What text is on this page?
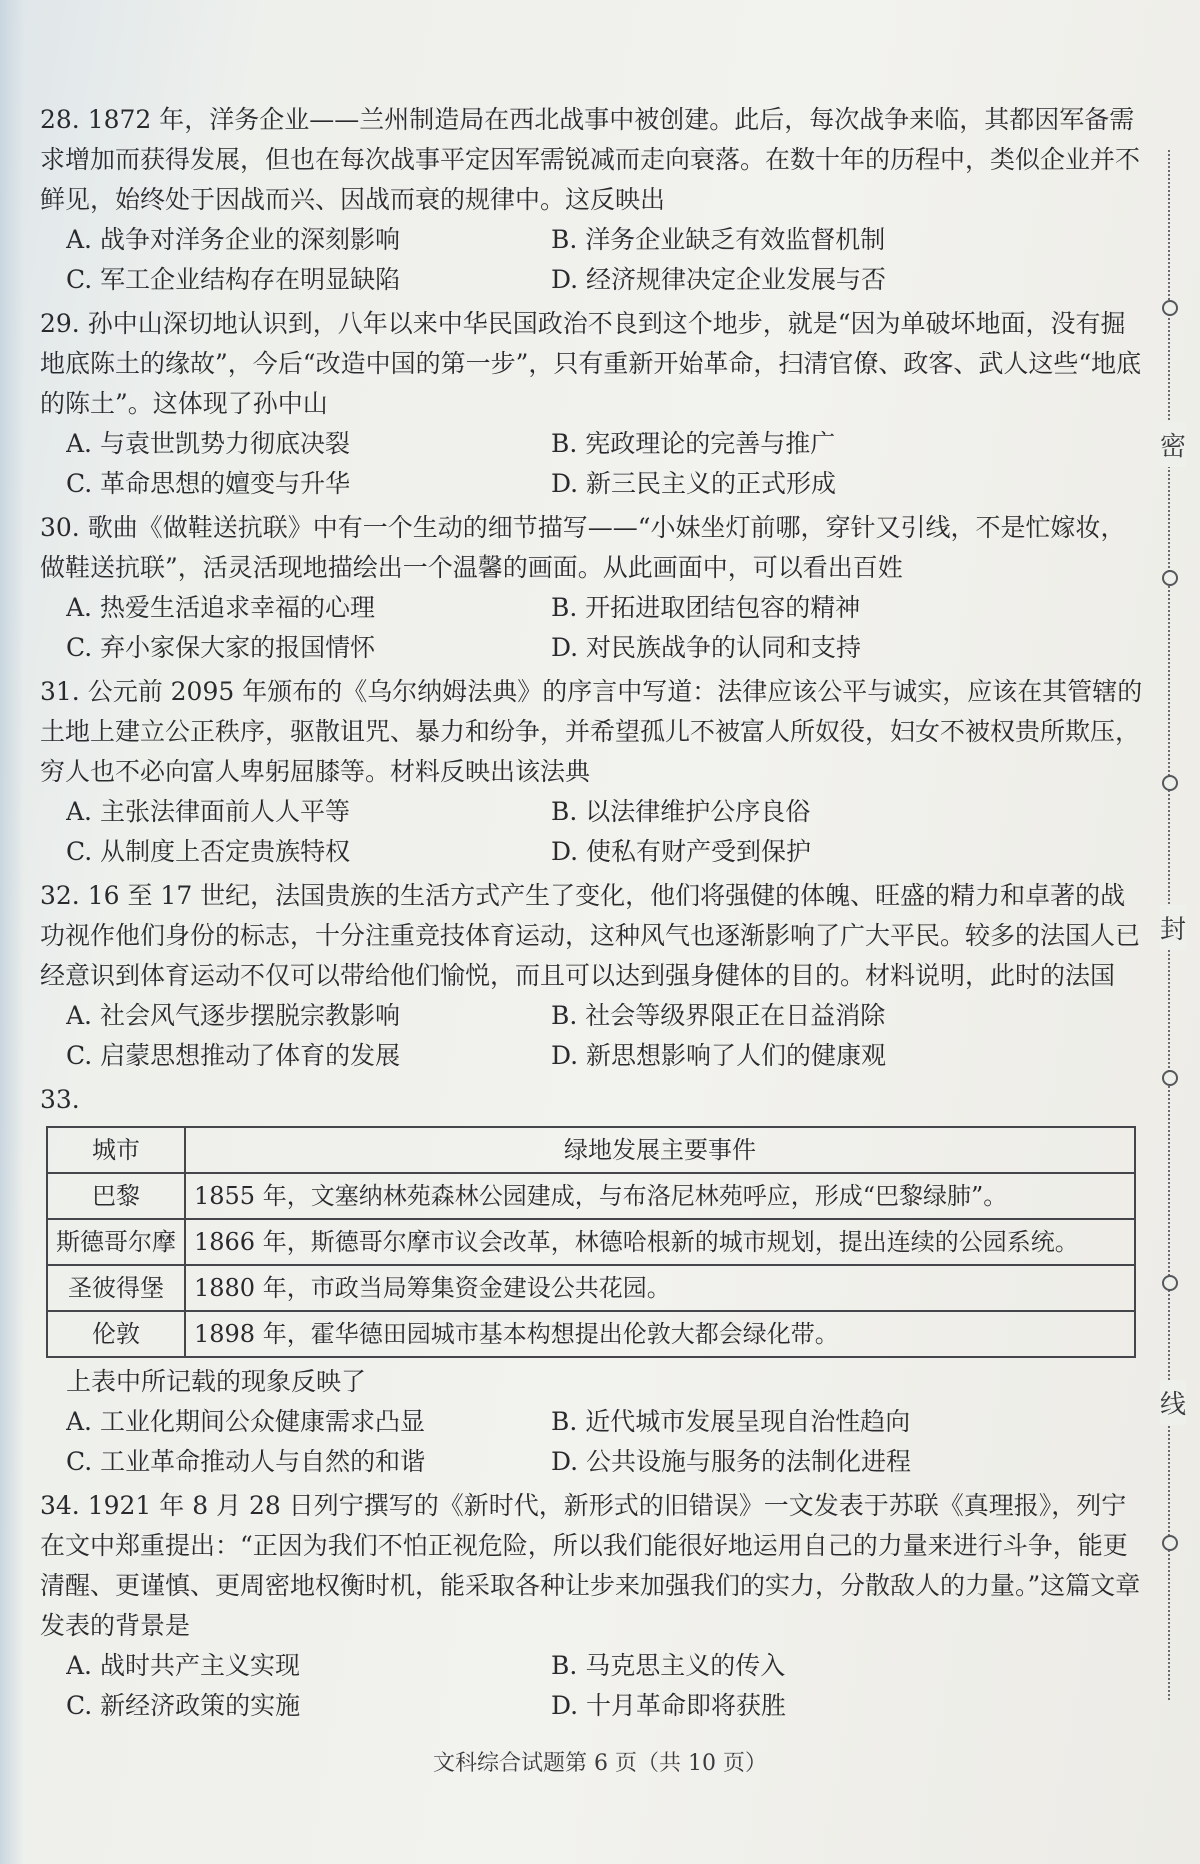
28. 1872 年，洋务企业——兰州制造局在西北战事中被创建。此后，每次战争来临，其都因军备需求增加而获得发展，但也在每次战事平定因军需锐减而走向衰落。在数十年的历程中，类似企业并不鲜见，始终处于因战而兴、因战而衰的规律中。这反映出
A. 战争对洋务企业的深刻影响	B. 洋务企业缺乏有效监督机制
C. 军工企业结构存在明显缺陷	D. 经济规律决定企业发展与否
29. 孙中山深切地认识到，八年以来中华民国政治不良到这个地步，就是“因为单破坏地面，没有掘地底陈土的缘故”，今后“改造中国的第一步”，只有重新开始革命，扫清官僚、政客、武人这些“地底的陈土”。这体现了孙中山
A. 与袁世凯势力彻底决裂	B. 宪政理论的完善与推广
C. 革命思想的嬗变与升华	D. 新三民主义的正式形成
30. 歌曲《做鞋送抗联》中有一个生动的细节描写——“小妹坐灯前哪，穿针又引线，不是忙嫁妆，做鞋送抗联”，活灵活现地描绘出一个温馨的画面。从此画面中，可以看出百姓
A. 热爱生活追求幸福的心理	B. 开拓进取团结包容的精神
C. 弃小家保大家的报国情怀	D. 对民族战争的认同和支持
31. 公元前 2095 年颁布的《乌尔纳姆法典》的序言中写道：法律应该公平与诚实，应该在其管辖的土地上建立公正秩序，驱散诅咒、暴力和纷争，并希望孤儿不被富人所奴役，妇女不被权贵所欺压，穷人也不必向富人卑躬屈膝等。材料反映出该法典
A. 主张法律面前人人平等	B. 以法律维护公序良俗
C. 从制度上否定贵族特权	D. 使私有财产受到保护
32. 16 至 17 世纪，法国贵族的生活方式产生了变化，他们将强健的体魄、旺盛的精力和卓著的战功视作他们身份的标志，十分注重竞技体育运动，这种风气也逐渐影响了广大平民。较多的法国人已经意识到体育运动不仅可以带给他们愉悦，而且可以达到强身健体的目的。材料说明，此时的法国
A. 社会风气逐步摆脱宗教影响	B. 社会等级界限正在日益消除
C. 启蒙思想推动了体育的发展	D. 新思想影响了人们的健康观
33.
城市	绿地发展主要事件
巴黎	1855 年，文塞纳林苑森林公园建成，与布洛尼林苑呼应，形成“巴黎绿肺”。
斯德哥尔摩	1866 年，斯德哥尔摩市议会改革，林德哈根新的城市规划，提出连续的公园系统。
圣彼得堡	1880 年，市政当局筹集资金建设公共花园。
伦敦	1898 年，霍华德田园城市基本构想提出伦敦大都会绿化带。
上表中所记载的现象反映了
A. 工业化期间公众健康需求凸显	B. 近代城市发展呈现自治性趋向
C. 工业革命推动人与自然的和谐	D. 公共设施与服务的法制化进程
34. 1921 年 8 月 28 日列宁撰写的《新时代，新形式的旧错误》一文发表于苏联《真理报》，列宁在文中郑重提出：“正因为我们不怕正视危险，所以我们能很好地运用自己的力量来进行斗争，能更清醒、更谨慎、更周密地权衡时机，能采取各种让步来加强我们的实力，分散敌人的力量。”这篇文章发表的背景是
A. 战时共产主义实现	B. 马克思主义的传入
C. 新经济政策的实施	D. 十月革命即将获胜
密
封
线
文科综合试题第 6 页（共 10 页）
